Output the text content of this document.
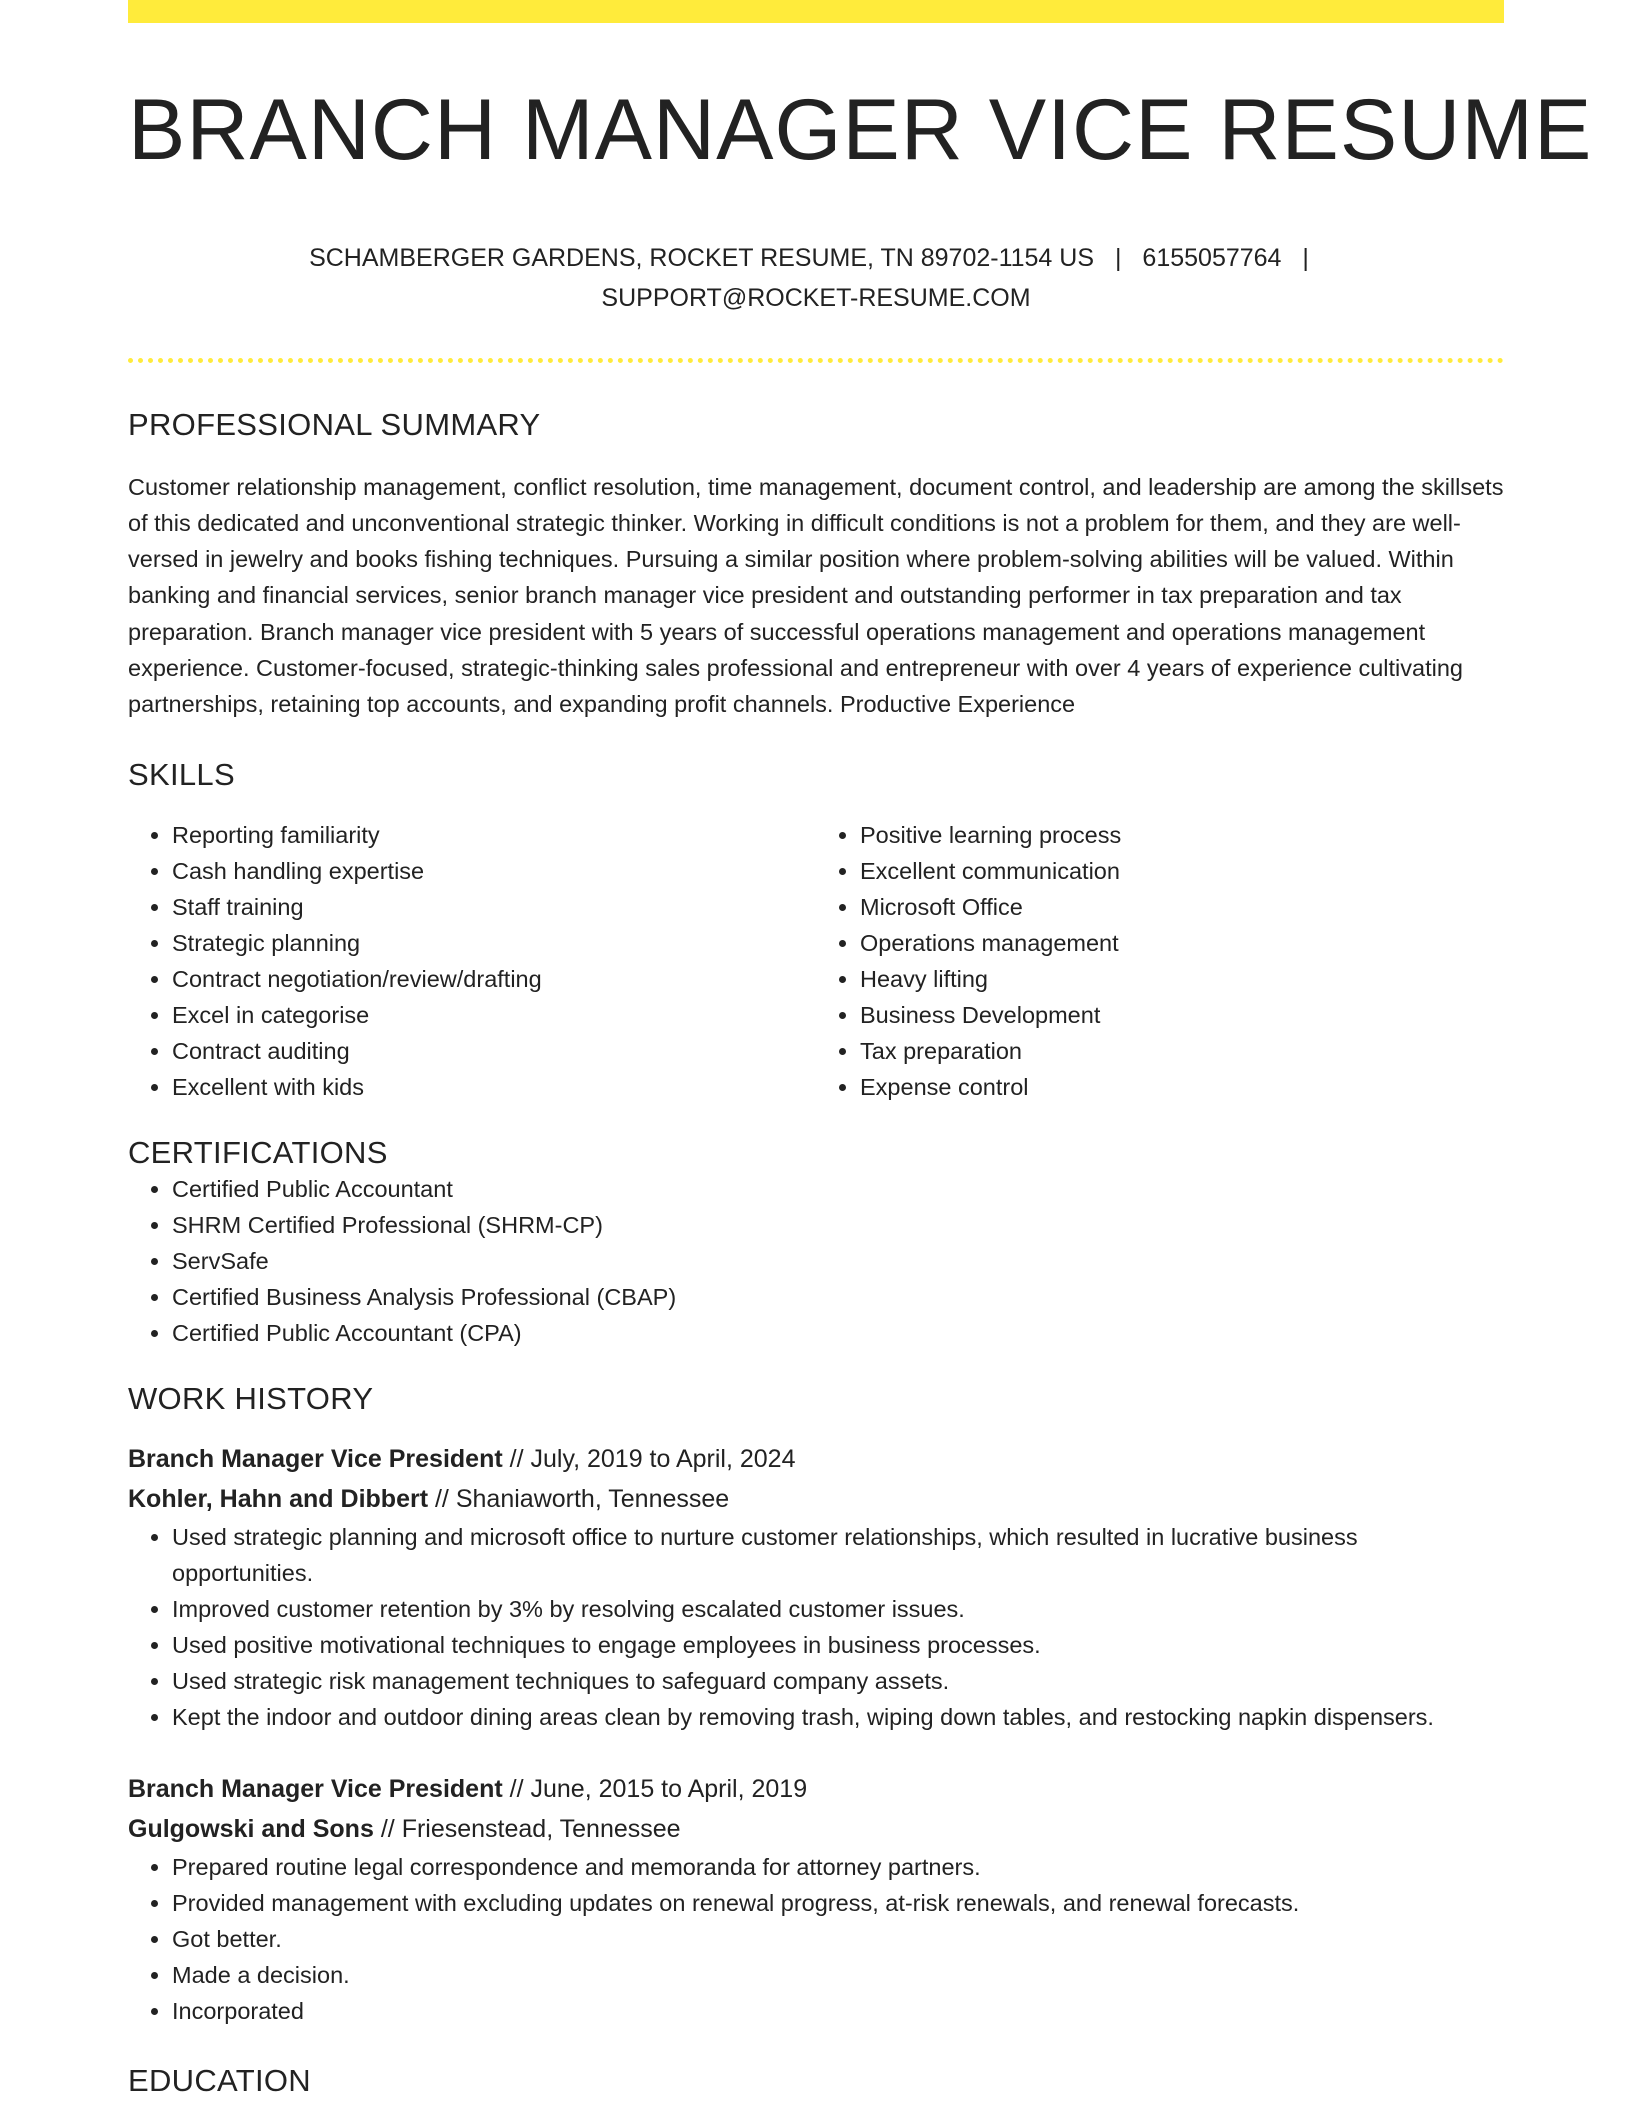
BRANCH MANAGER VICE RESUME
SCHAMBERGER GARDENS, ROCKET RESUME, TN 89702-1154 US | 6155057764 |
SUPPORT@ROCKET-RESUME.COM
PROFESSIONAL SUMMARY

Customer relationship management, conflict resolution, time management, document control, and leadership are among the skillsets of this dedicated and unconventional strategic thinker. Working in difficult conditions is not a problem for them, and they are well-versed in jewelry and books fishing techniques. Pursuing a similar position where problem-solving abilities will be valued. Within banking and financial services, senior branch manager vice president and outstanding performer in tax preparation and tax preparation. Branch manager vice president with 5 years of successful operations management and operations management experience. Customer-focused, strategic-thinking sales professional and entrepreneur with over 4 years of experience cultivating partnerships, retaining top accounts, and expanding profit channels. Productive Experience

SKILLS
• Reporting familiarity
• Cash handling expertise
• Staff training
• Strategic planning
• Contract negotiation/review/drafting
• Excel in categorise
• Contract auditing
• Excellent with kids
• Positive learning process
• Excellent communication
• Microsoft Office
• Operations management
• Heavy lifting
• Business Development
• Tax preparation
• Expense control
CERTIFICATIONS
• Certified Public Accountant
• SHRM Certified Professional (SHRM-CP)
• ServSafe
• Certified Business Analysis Professional (CBAP)
• Certified Public Accountant (CPA)
WORK HISTORY
Branch Manager Vice President // July, 2019 to April, 2024
Kohler, Hahn and Dibbert // Shaniaworth, Tennessee
• Used strategic planning and microsoft office to nurture customer relationships, which resulted in lucrative business opportunities.
• Improved customer retention by 3% by resolving escalated customer issues.
• Used positive motivational techniques to engage employees in business processes.
• Used strategic risk management techniques to safeguard company assets.
• Kept the indoor and outdoor dining areas clean by removing trash, wiping down tables, and restocking napkin dispensers.
Branch Manager Vice President // June, 2015 to April, 2019
Gulgowski and Sons // Friesenstead, Tennessee
• Prepared routine legal correspondence and memoranda for attorney partners.
• Provided management with excluding updates on renewal progress, at-risk renewals, and renewal forecasts.
• Got better.
• Made a decision.
• Incorporated
EDUCATION
